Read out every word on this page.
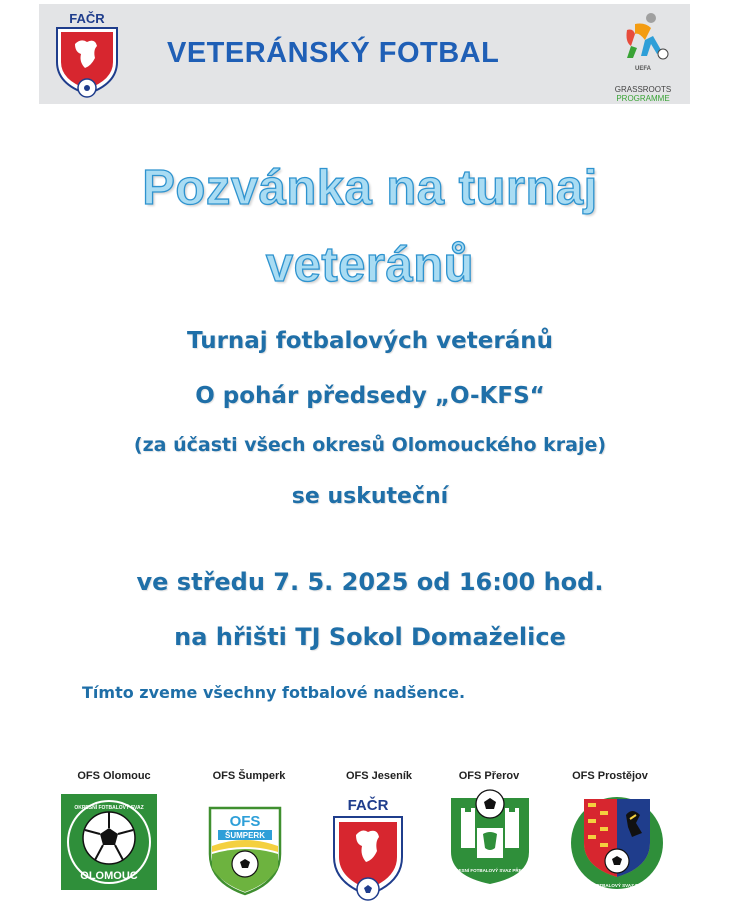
FAČR
VETERÁNSKÝ FOTBAL	UEFA
GRASSROOTS
PROGRAMME
Pozvánka na turnaj
veteránů
Turnaj fotbalových veteránů
O pohár předsedy „O-KFS“
(za účasti všech okresů Olomouckého kraje)
se uskuteční
ve středu 7. 5. 2025 od 16:00 hod.
na hřišti TJ Sokol Domaželice
Tímto zveme všechny fotbalové nadšence.
OFS Olomouc	OFS Šumperk	OFS Jeseník	OFS Přerov	OFS Prostějov
OLOMOUC
OKRESNÍ FOTBALOVÝ SVAZ
OFS
ŠUMPERK
FAČR
OKRESNÍ FOTBALOVÝ SVAZ PŘEROV
OKRESNÍ FOTBALOVÝ SVAZ PROSTĚJOV
